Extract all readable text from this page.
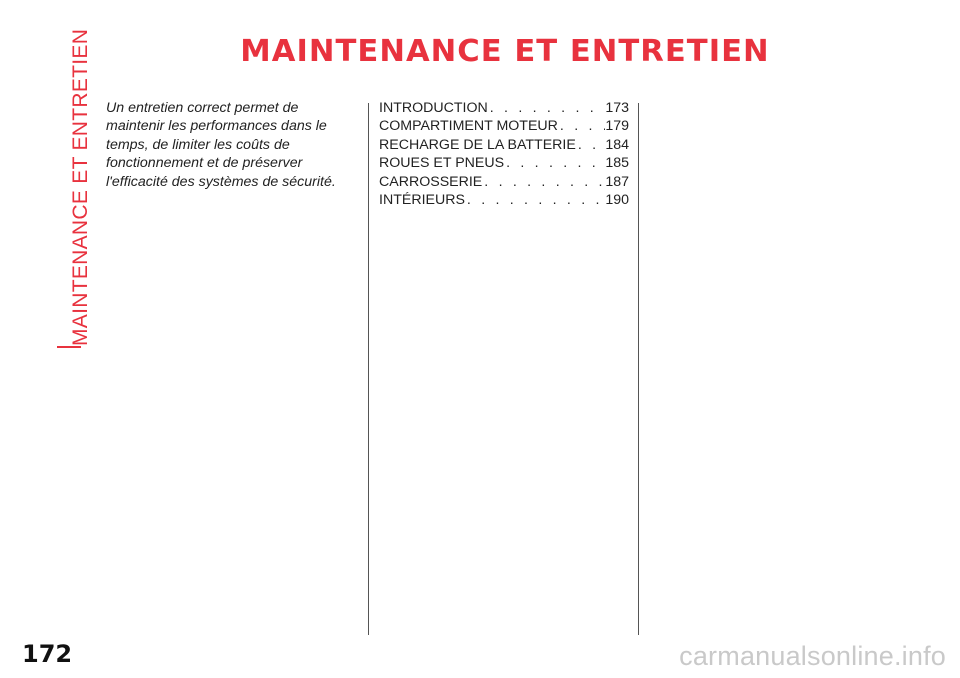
MAINTENANCE ET ENTRETIEN	MAINTENANCE ET ENTRETIEN

Un entretien correct permet de maintenir les performances dans le temps, de limiter les coûts de fonctionnement et de préserver l'efficacité des systèmes de sécurité.

INTRODUCTION . . .	173
COMPARTIMENT MOTEUR . . .	179
RECHARGE DE LA BATTERIE . . . 184
ROUES ET PNEUS . . .	185
CARROSSERIE . . .	187
INTÉRIEURS . . .	190

172	carmanualsonline.info
